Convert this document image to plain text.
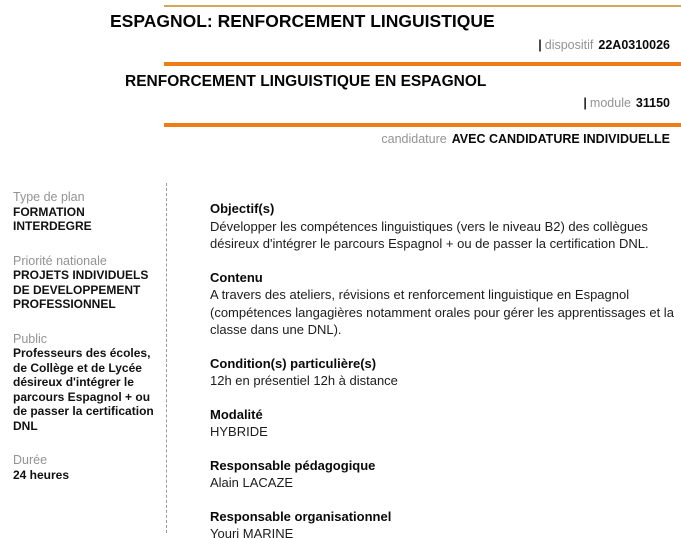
ESPAGNOL: RENFORCEMENT LINGUISTIQUE
| dispositif 22A0310026
RENFORCEMENT LINGUISTIQUE EN ESPAGNOL
| module 31150
candidature AVEC CANDIDATURE INDIVIDUELLE
Type de plan
FORMATION INTERDEGRE
Priorité nationale
PROJETS INDIVIDUELS DE DEVELOPPEMENT PROFESSIONNEL
Public
Professeurs des écoles, de Collège et de Lycée désireux d'intégrer le parcours Espagnol + ou de passer la certification DNL
Durée
24 heures
Objectif(s)
Développer les compétences linguistiques (vers le niveau B2) des collègues désireux d'intégrer le parcours Espagnol + ou de passer la certification DNL.
Contenu
A travers des ateliers, révisions et renforcement linguistique en Espagnol (compétences langagières notamment orales pour gérer les apprentissages et la classe dans une DNL).
Condition(s) particulière(s)
12h en présentiel 12h à distance
Modalité
HYBRIDE
Responsable pédagogique
Alain LACAZE
Responsable organisationnel
Youri MARINE
